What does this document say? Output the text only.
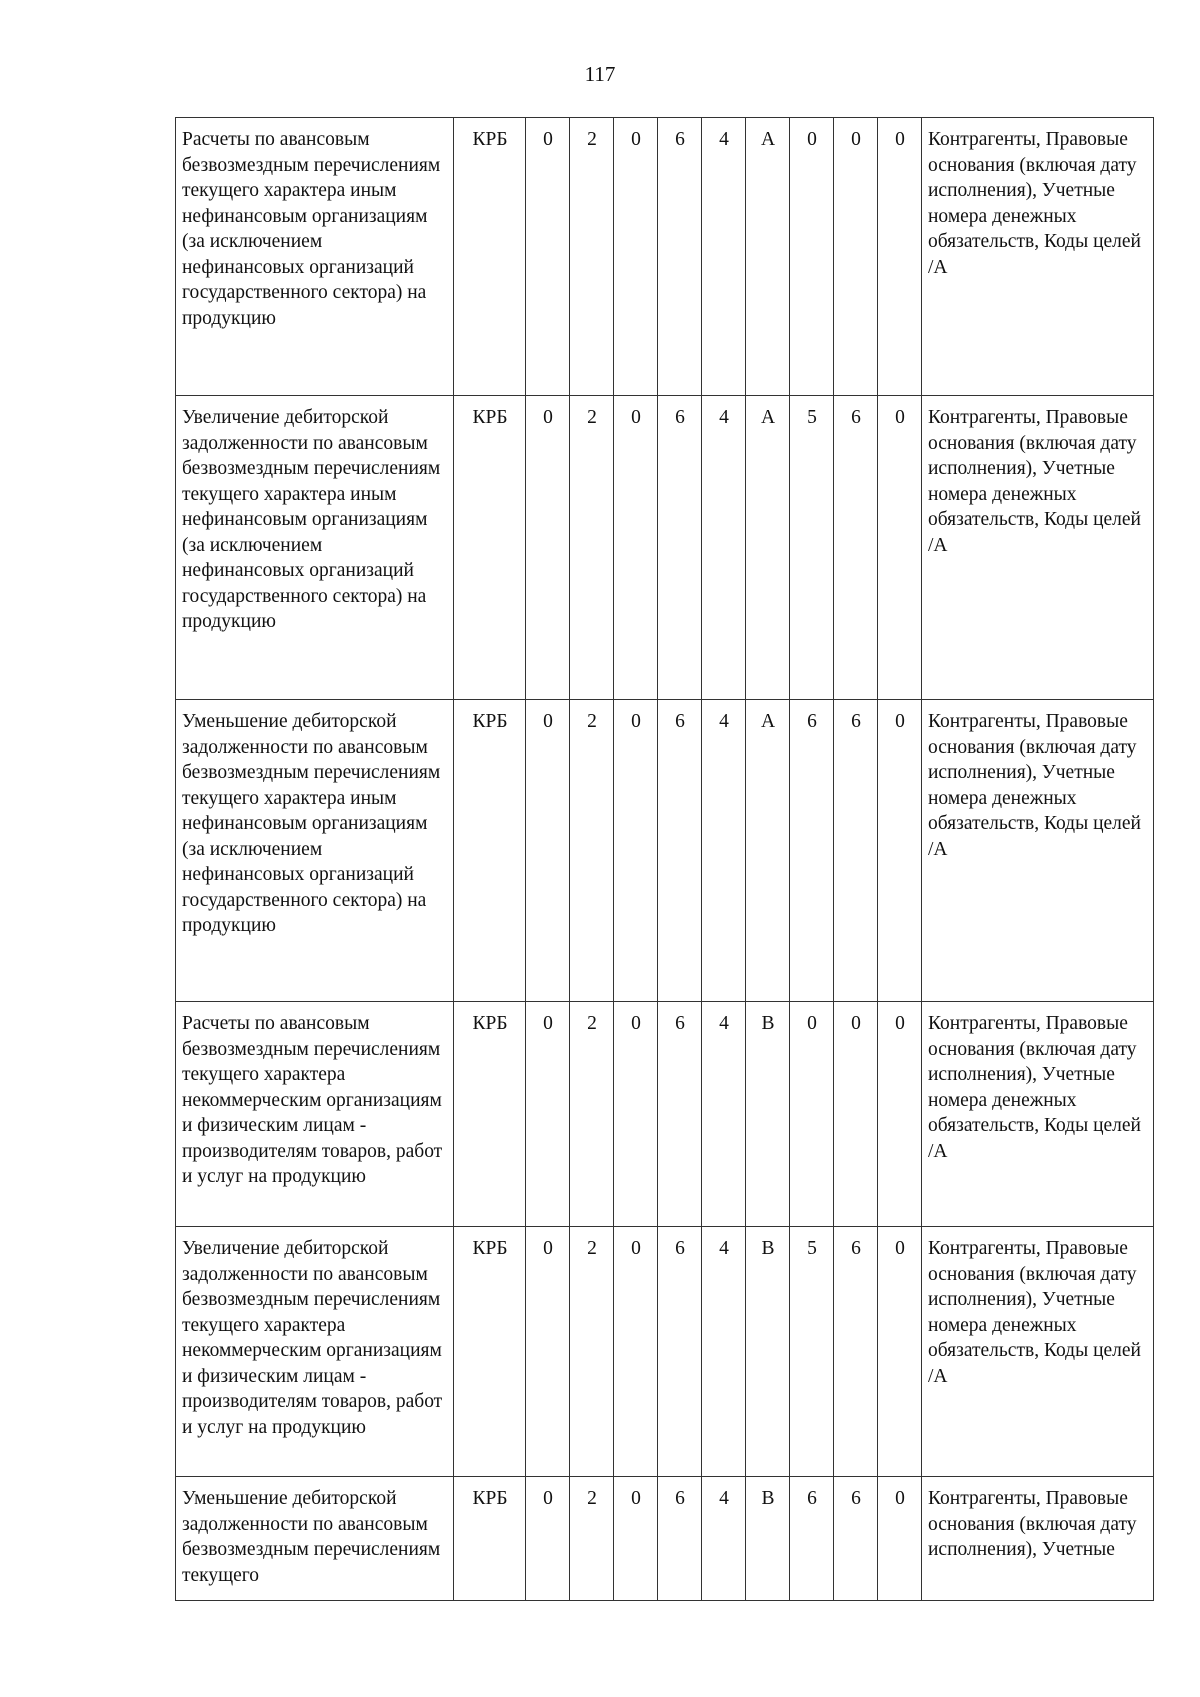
117
Расчеты по авансовым безвозмездным перечислениям текущего характера иным нефинансовым организациям (за исключением нефинансовых организаций государственного сектора) на продукцию	КРБ	0	2	0	6	4	А	0	0	0	Контрагенты, Правовые основания (включая дату исполнения), Учетные номера денежных обязательств, Коды целей /А
Увеличение дебиторской задолженности по авансовым безвозмездным перечислениям текущего характера иным нефинансовым организациям (за исключением нефинансовых организаций государственного сектора) на продукцию	КРБ	0	2	0	6	4	А	5	6	0	Контрагенты, Правовые основания (включая дату исполнения), Учетные номера денежных обязательств, Коды целей /А
Уменьшение дебиторской задолженности по авансовым безвозмездным перечислениям текущего характера иным нефинансовым организациям (за исключением нефинансовых организаций государственного сектора) на продукцию	КРБ	0	2	0	6	4	А	6	6	0	Контрагенты, Правовые основания (включая дату исполнения), Учетные номера денежных обязательств, Коды целей /А
Расчеты по авансовым безвозмездным перечислениям текущего характера некоммерческим организациям и физическим лицам - производителям товаров, работ и услуг на продукцию	КРБ	0	2	0	6	4	В	0	0	0	Контрагенты, Правовые основания (включая дату исполнения), Учетные номера денежных обязательств, Коды целей /А
Увеличение дебиторской задолженности по авансовым безвозмездным перечислениям текущего характера некоммерческим организациям и физическим лицам - производителям товаров, работ и услуг на продукцию	КРБ	0	2	0	6	4	В	5	6	0	Контрагенты, Правовые основания (включая дату исполнения), Учетные номера денежных обязательств, Коды целей /А
Уменьшение дебиторской задолженности по авансовым безвозмездным перечислениям текущего	КРБ	0	2	0	6	4	В	6	6	0	Контрагенты, Правовые основания (включая дату исполнения), Учетные
